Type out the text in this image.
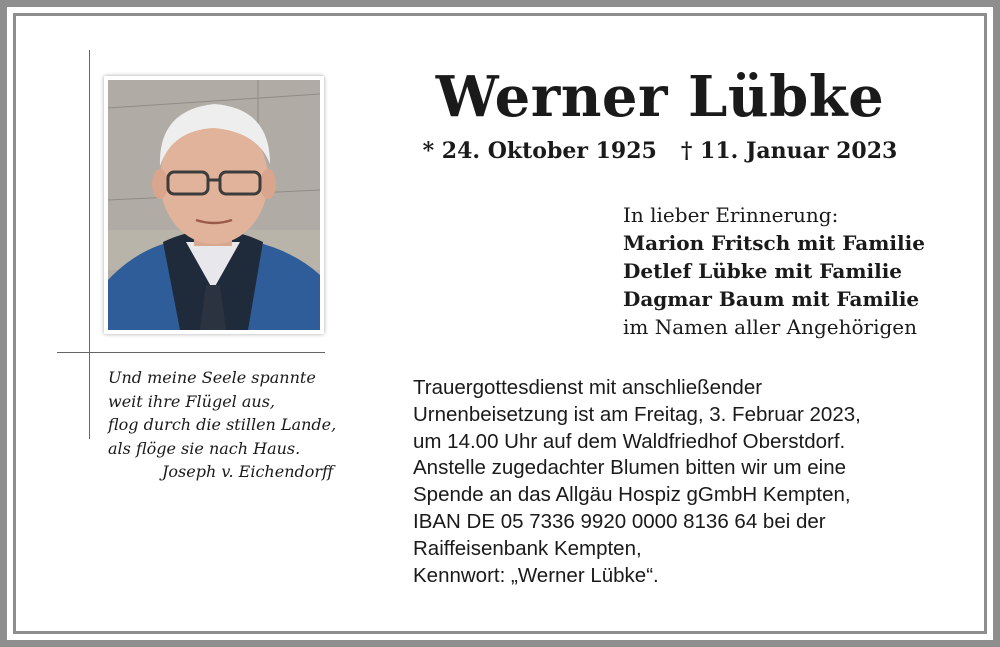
Werner Lübke
* 24. Oktober 1925 † 11. Januar 2023
In lieber Erinnerung:
Marion Fritsch mit Familie
Detlef Lübke mit Familie
Dagmar Baum mit Familie
im Namen aller Angehörigen
Und meine Seele spannte
weit ihre Flügel aus,
flog durch die stillen Lande,
als flöge sie nach Haus.
Joseph v. Eichendorff
Trauergottesdienst mit anschließender
Urnenbeisetzung ist am Freitag, 3. Februar 2023,
um 14.00 Uhr auf dem Waldfriedhof Oberstdorf.
Anstelle zugedachter Blumen bitten wir um eine
Spende an das Allgäu Hospiz gGmbH Kempten,
IBAN DE 05 7336 9920 0000 8136 64 bei der
Raiffeisenbank Kempten,
Kennwort: „Werner Lübke“.
